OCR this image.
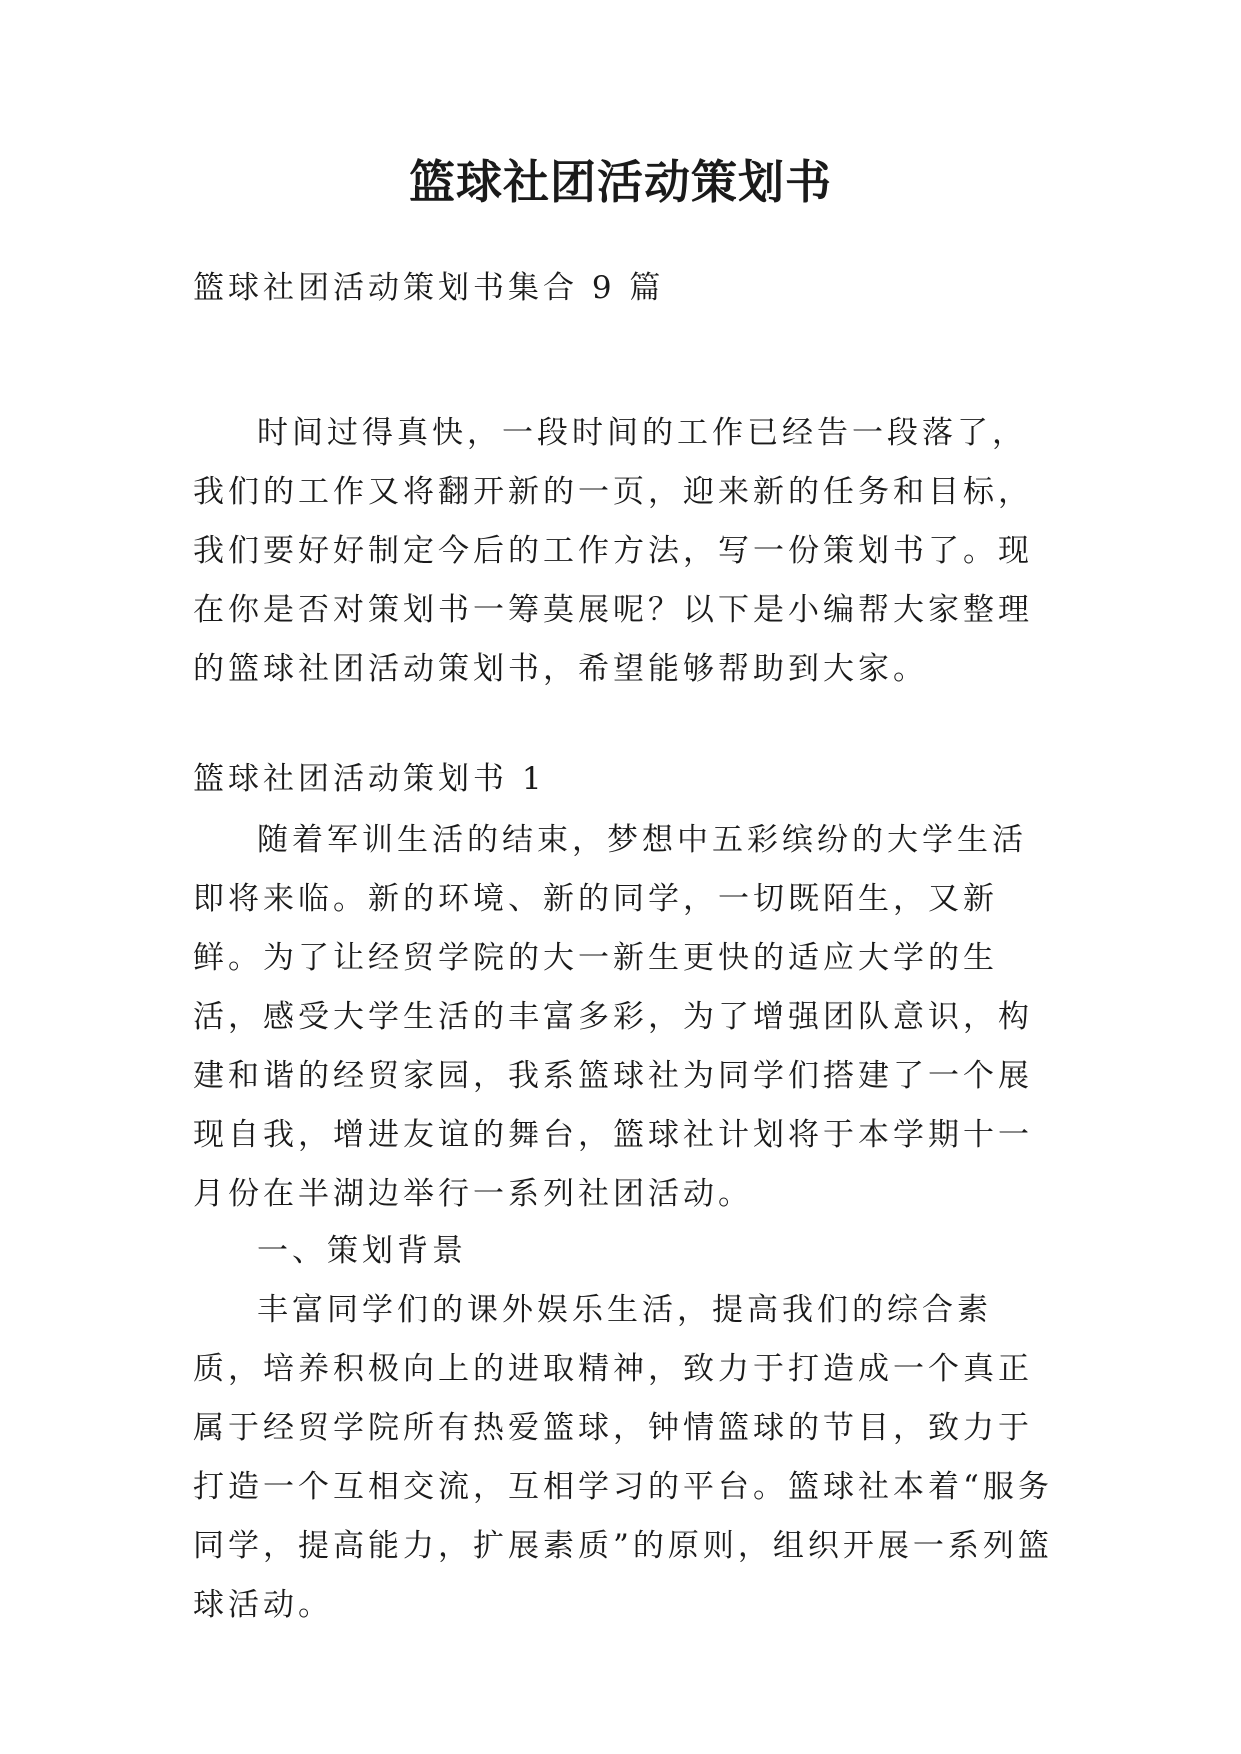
篮球社团活动策划书

篮球社团活动策划书集合 9 篇

时间过得真快，一段时间的工作已经告一段落了，我们的工作又将翻开新的一页，迎来新的任务和目标，我们要好好制定今后的工作方法，写一份策划书了。现在你是否对策划书一筹莫展呢？以下是小编帮大家整理的篮球社团活动策划书，希望能够帮助到大家。

篮球社团活动策划书 1

随着军训生活的结束，梦想中五彩缤纷的大学生活即将来临。新的环境、新的同学，一切既陌生，又新鲜。为了让经贸学院的大一新生更快的适应大学的生活，感受大学生活的丰富多彩，为了增强团队意识，构建和谐的经贸家园，我系篮球社为同学们搭建了一个展现自我，增进友谊的舞台，篮球社计划将于本学期十一月份在半湖边举行一系列社团活动。

一、策划背景

丰富同学们的课外娱乐生活，提高我们的综合素质，培养积极向上的进取精神，致力于打造成一个真正属于经贸学院所有热爱篮球，钟情篮球的节目，致力于打造一个互相交流，互相学习的平台。篮球社本着“服务同学，提高能力，扩展素质”的原则，组织开展一系列篮球活动。
